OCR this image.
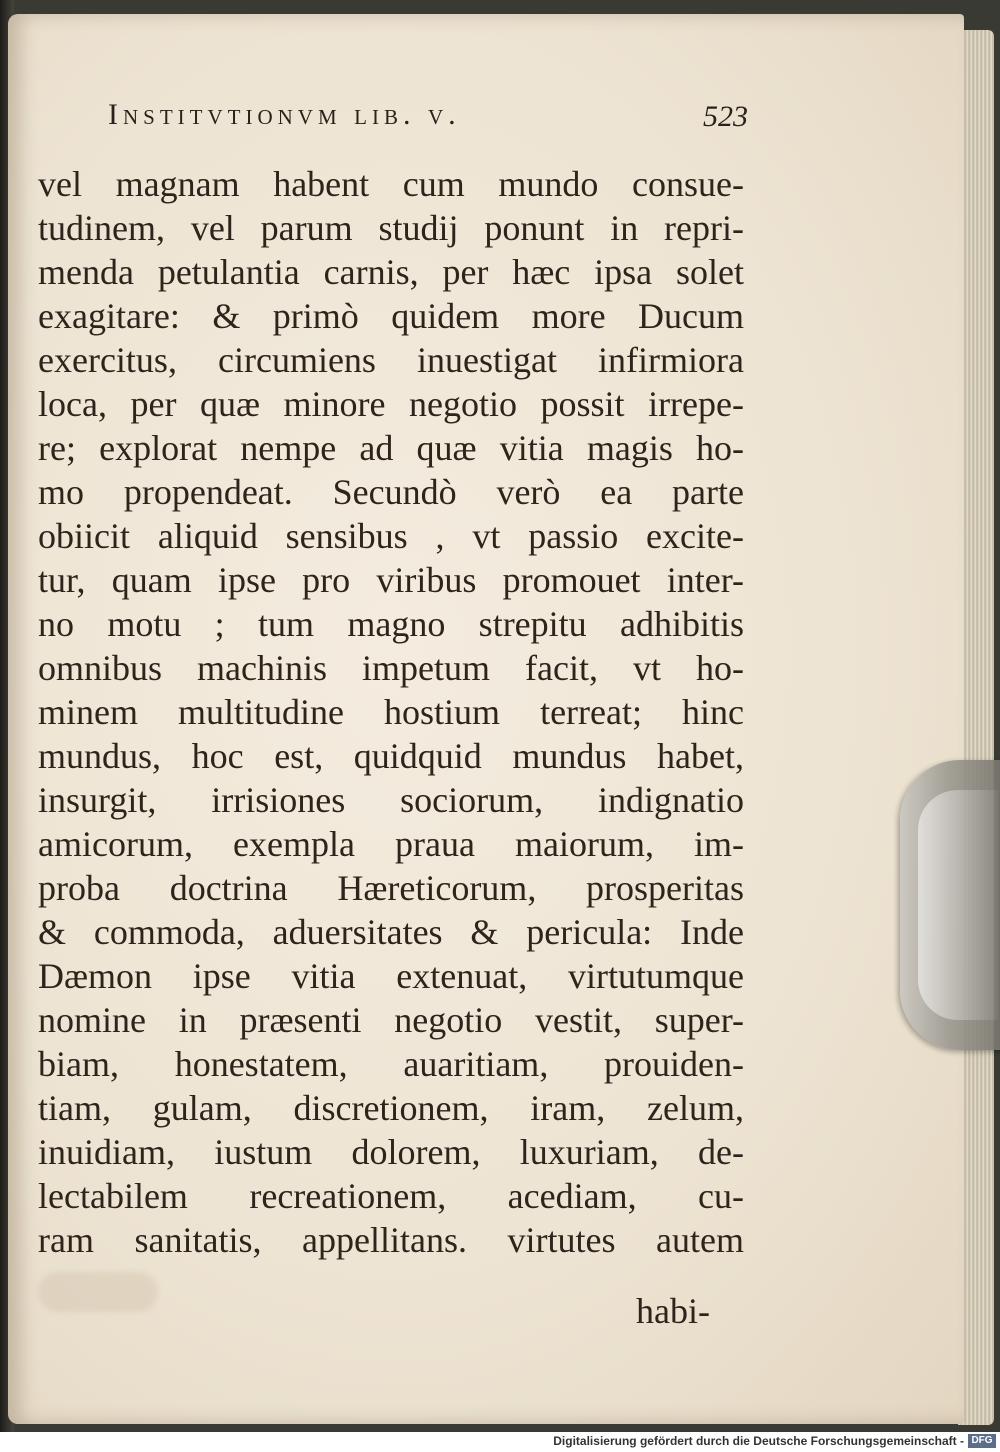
Institvtionvm lib. v.	523
vel magnam habent cum mundo consue-
tudinem, vel parum studij ponunt in repri-
menda petulantia carnis, per hæc ipsa solet
exagitare: & primò quidem more Ducum
exercitus, circumiens inuestigat infirmiora
loca, per quæ minore negotio possit irrepe-
re; explorat nempe ad quæ vitia magis ho-
mo propendeat. Secundò verò ea parte
obiicit aliquid sensibus , vt passio excite-
tur, quam ipse pro viribus promouet inter-
no motu ; tum magno strepitu adhibitis
omnibus machinis impetum facit, vt ho-
minem multitudine hostium terreat; hinc
mundus, hoc est, quidquid mundus habet,
insurgit, irrisiones sociorum, indignatio
amicorum, exempla praua maiorum, im-
proba doctrina Hæreticorum, prosperitas
& commoda, aduersitates & pericula: Inde
Dæmon ipse vitia extenuat, virtutumque
nomine in præsenti negotio vestit, super-
biam, honestatem, auaritiam, prouiden-
tiam, gulam, discretionem, iram, zelum,
inuidiam, iustum dolorem, luxuriam, de-
lectabilem recreationem, acediam, cu-
ram sanitatis, appellitans. virtutes autem
habi-
Digitalisierung gefördert durch die Deutsche Forschungsgemeinschaft - DFG
